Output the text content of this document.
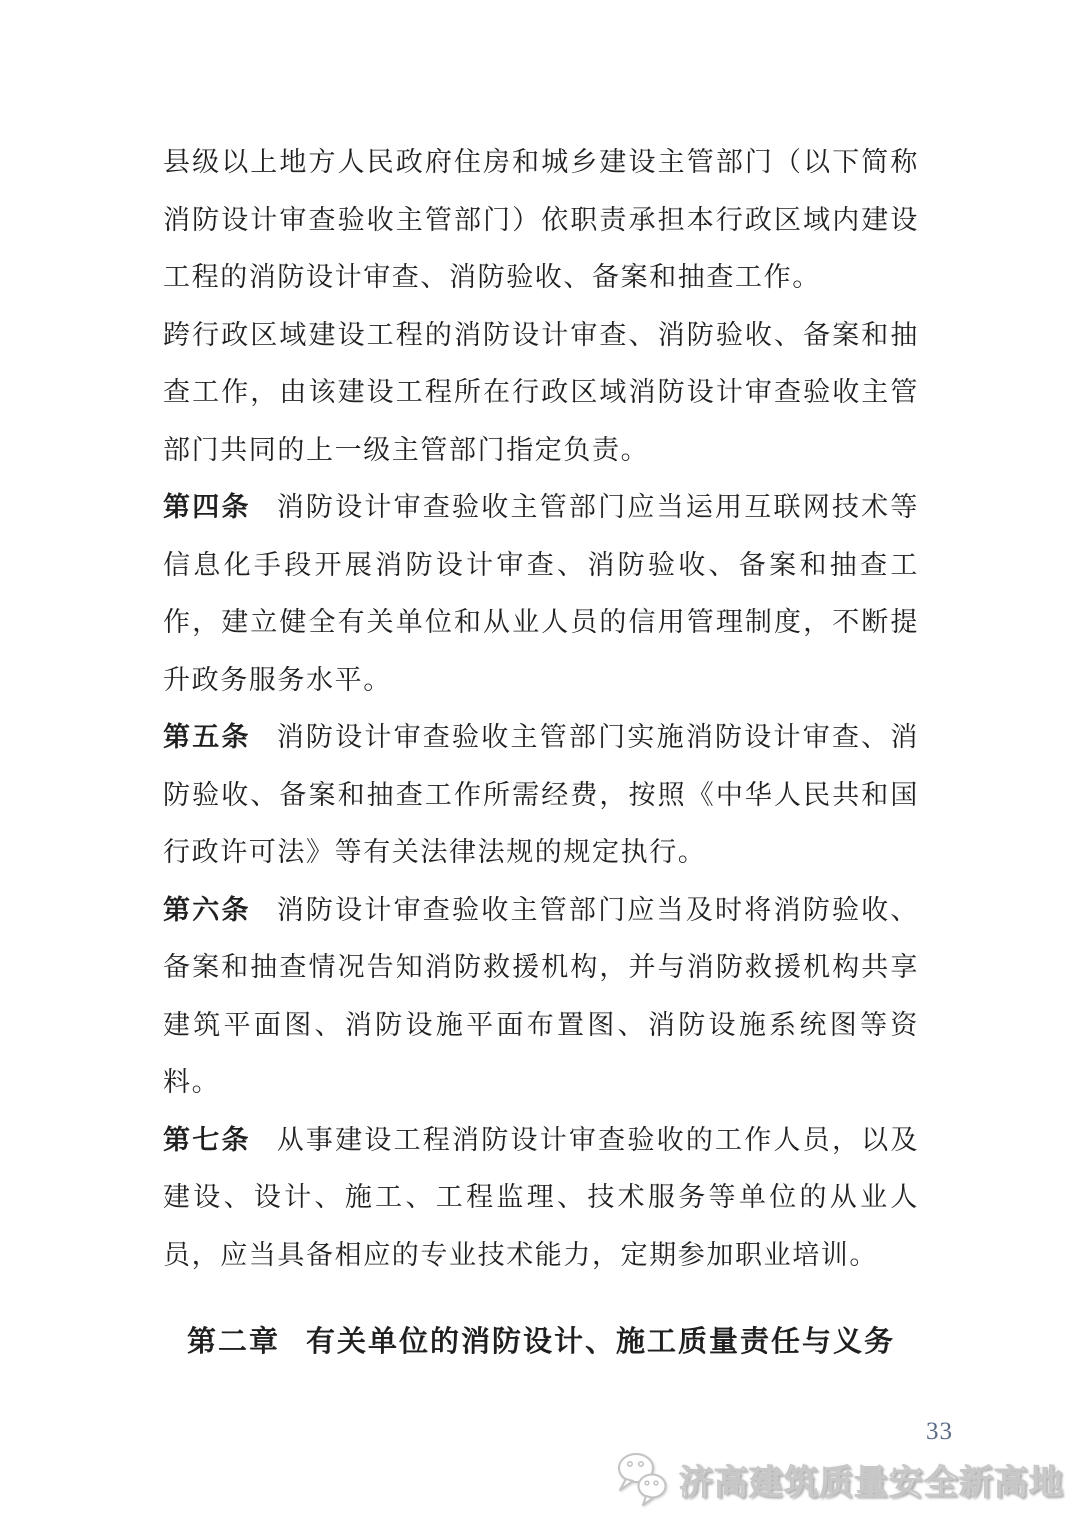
县级以上地方人民政府住房和城乡建设主管部门（以下简称消防设计审查验收主管部门）依职责承担本行政区域内建设工程的消防设计审查、消防验收、备案和抽查工作。

跨行政区域建设工程的消防设计审查、消防验收、备案和抽查工作，由该建设工程所在行政区域消防设计审查验收主管部门共同的上一级主管部门指定负责。

第四条 消防设计审查验收主管部门应当运用互联网技术等信息化手段开展消防设计审查、消防验收、备案和抽查工作，建立健全有关单位和从业人员的信用管理制度，不断提升政务服务水平。

第五条 消防设计审查验收主管部门实施消防设计审查、消防验收、备案和抽查工作所需经费，按照《中华人民共和国行政许可法》等有关法律法规的规定执行。

第六条 消防设计审查验收主管部门应当及时将消防验收、备案和抽查情况告知消防救援机构，并与消防救援机构共享建筑平面图、消防设施平面布置图、消防设施系统图等资料。

第七条 从事建设工程消防设计审查验收的工作人员，以及建设、设计、施工、工程监理、技术服务等单位的从业人员，应当具备相应的专业技术能力，定期参加职业培训。

第二章 有关单位的消防设计、施工质量责任与义务

33
济高建筑质量安全新高地
